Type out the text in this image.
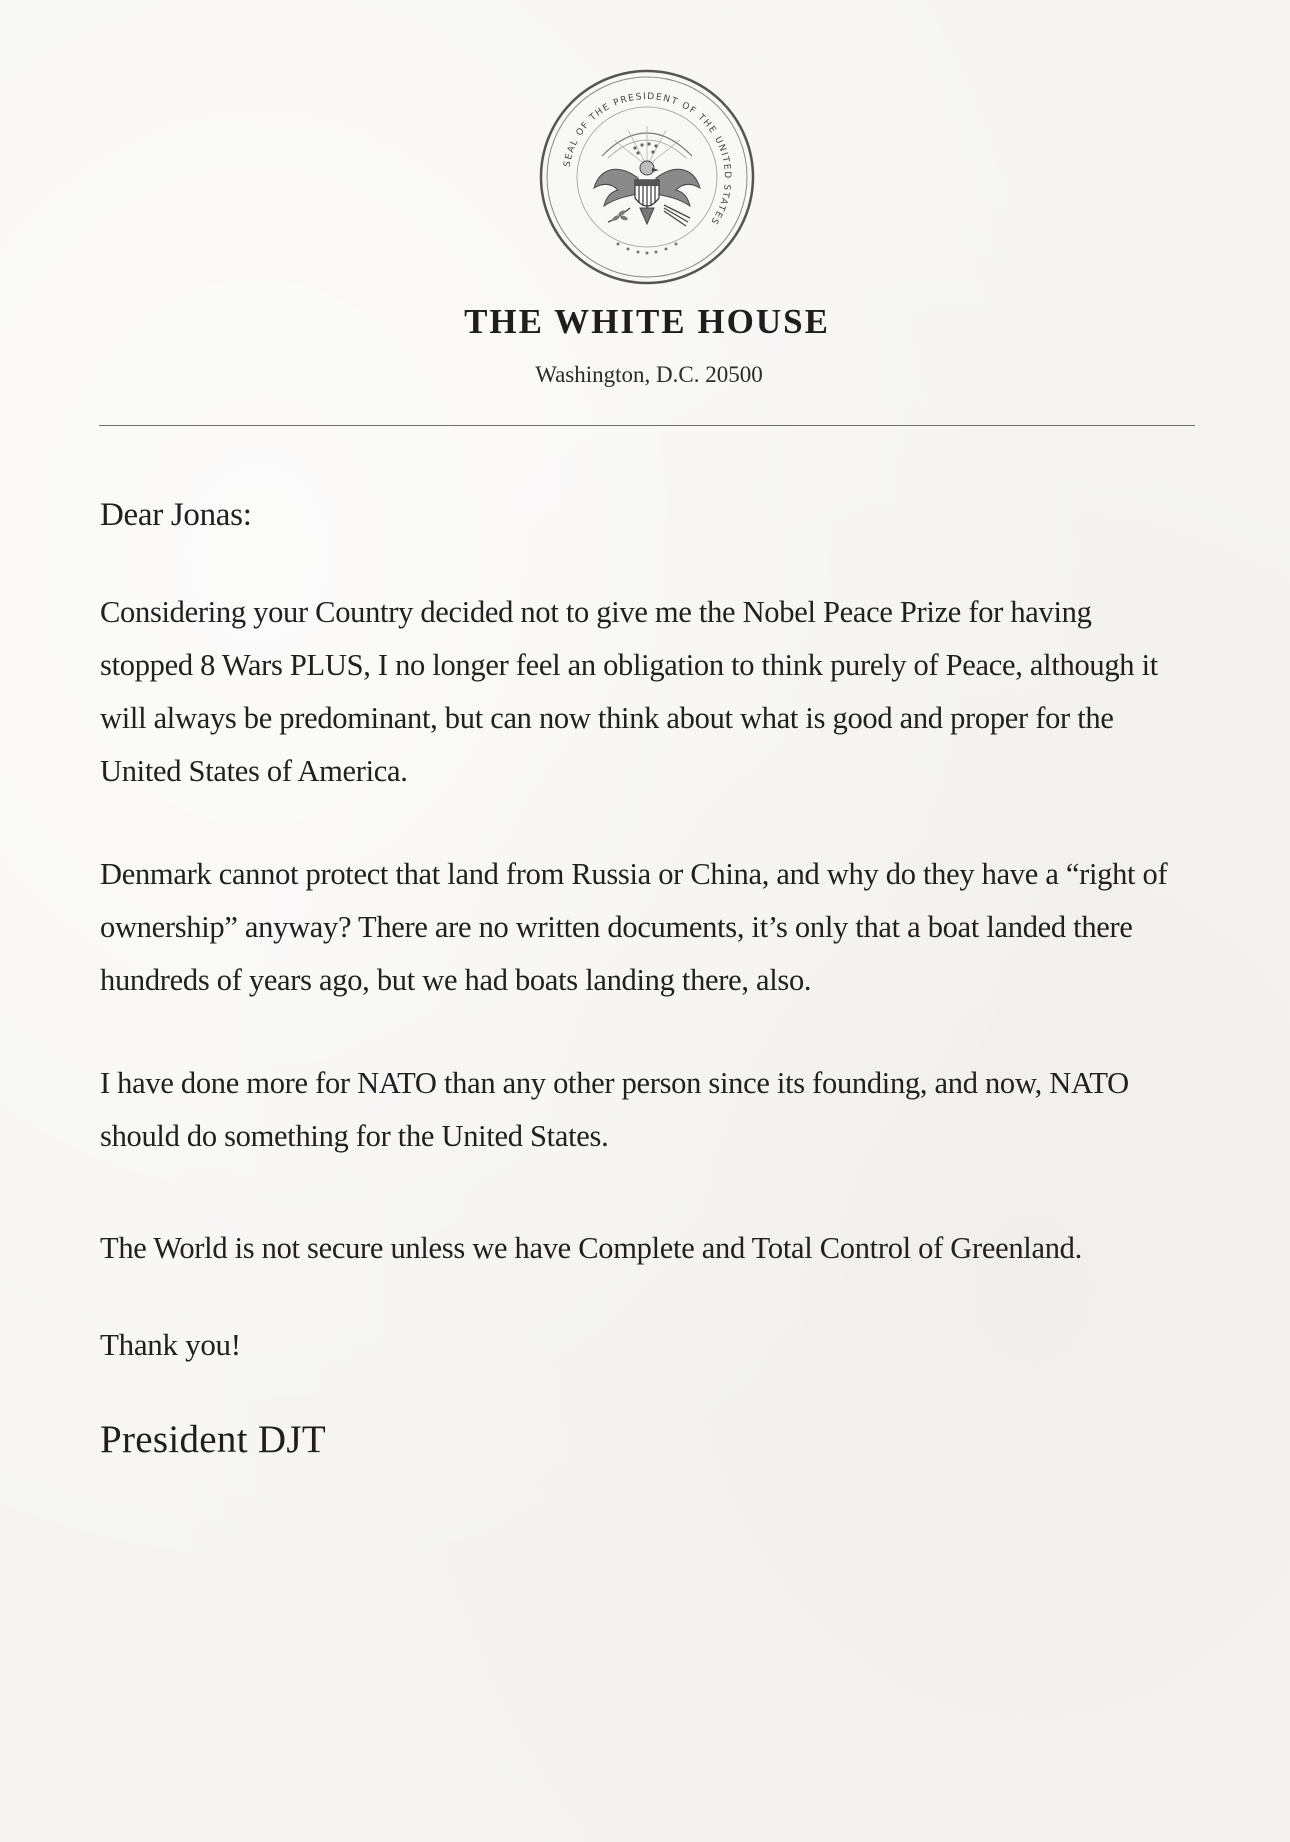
SEAL OF THE PRESIDENT OF THE UNITED STATES
THE WHITE HOUSE
Washington, D.C. 20500
Dear Jonas:
Considering your Country decided not to give me the Nobel Peace Prize for having stopped 8 Wars PLUS, I no longer feel an obligation to think purely of Peace, although it will always be predominant, but can now think about what is good and proper for the United States of America.
Denmark cannot protect that land from Russia or China, and why do they have a “right of ownership” anyway? There are no written documents, it’s only that a boat landed there hundreds of years ago, but we had boats landing there, also.
I have done more for NATO than any other person since its founding, and now, NATO should do something for the United States.
The World is not secure unless we have Complete and Total Control of Greenland.
Thank you!
President DJT
